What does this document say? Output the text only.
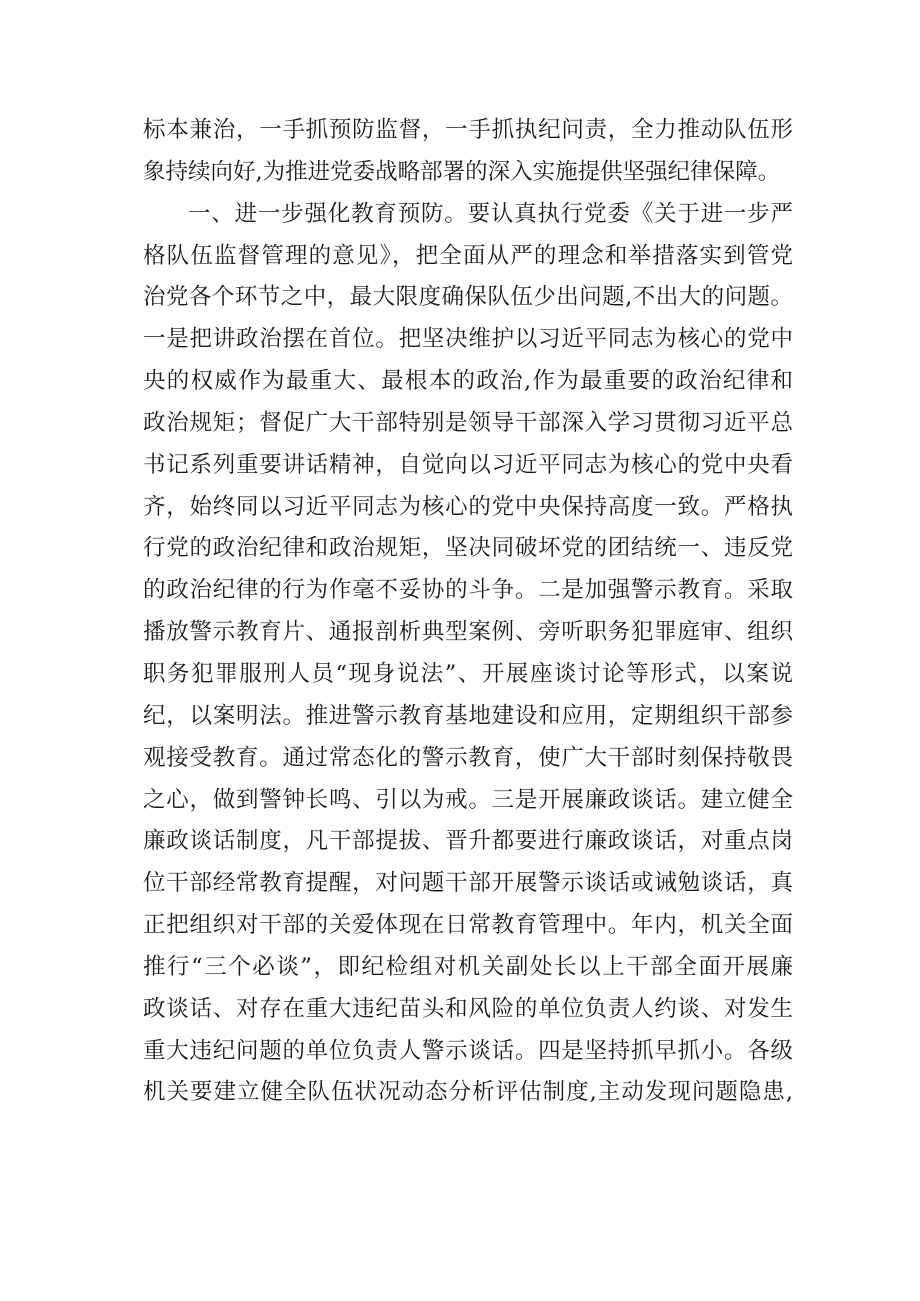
标本兼治，一手抓预防监督，一手抓执纪问责，全力推动队伍形
象持续向好,为推进党委战略部署的深入实施提供坚强纪律保障。
一、进一步强化教育预防。要认真执行党委《关于进一步严
格队伍监督管理的意见》，把全面从严的理念和举措落实到管党
治党各个环节之中，最大限度确保队伍少出问题,不出大的问题。
一是把讲政治摆在首位。把坚决维护以习近平同志为核心的党中
央的权威作为最重大、最根本的政治,作为最重要的政治纪律和
政治规矩；督促广大干部特别是领导干部深入学习贯彻习近平总
书记系列重要讲话精神，自觉向以习近平同志为核心的党中央看
齐，始终同以习近平同志为核心的党中央保持高度一致。严格执
行党的政治纪律和政治规矩，坚决同破坏党的团结统一、违反党
的政治纪律的行为作毫不妥协的斗争。二是加强警示教育。采取
播放警示教育片、通报剖析典型案例、旁听职务犯罪庭审、组织
职务犯罪服刑人员“现身说法”、开展座谈讨论等形式，以案说
纪，以案明法。推进警示教育基地建设和应用，定期组织干部参
观接受教育。通过常态化的警示教育，使广大干部时刻保持敬畏
之心，做到警钟长鸣、引以为戒。三是开展廉政谈话。建立健全
廉政谈话制度，凡干部提拔、晋升都要进行廉政谈话，对重点岗
位干部经常教育提醒，对问题干部开展警示谈话或诫勉谈话，真
正把组织对干部的关爱体现在日常教育管理中。年内，机关全面
推行“三个必谈”，即纪检组对机关副处长以上干部全面开展廉
政谈话、对存在重大违纪苗头和风险的单位负责人约谈、对发生
重大违纪问题的单位负责人警示谈话。四是坚持抓早抓小。各级
机关要建立健全队伍状况动态分析评估制度,主动发现问题隐患,
